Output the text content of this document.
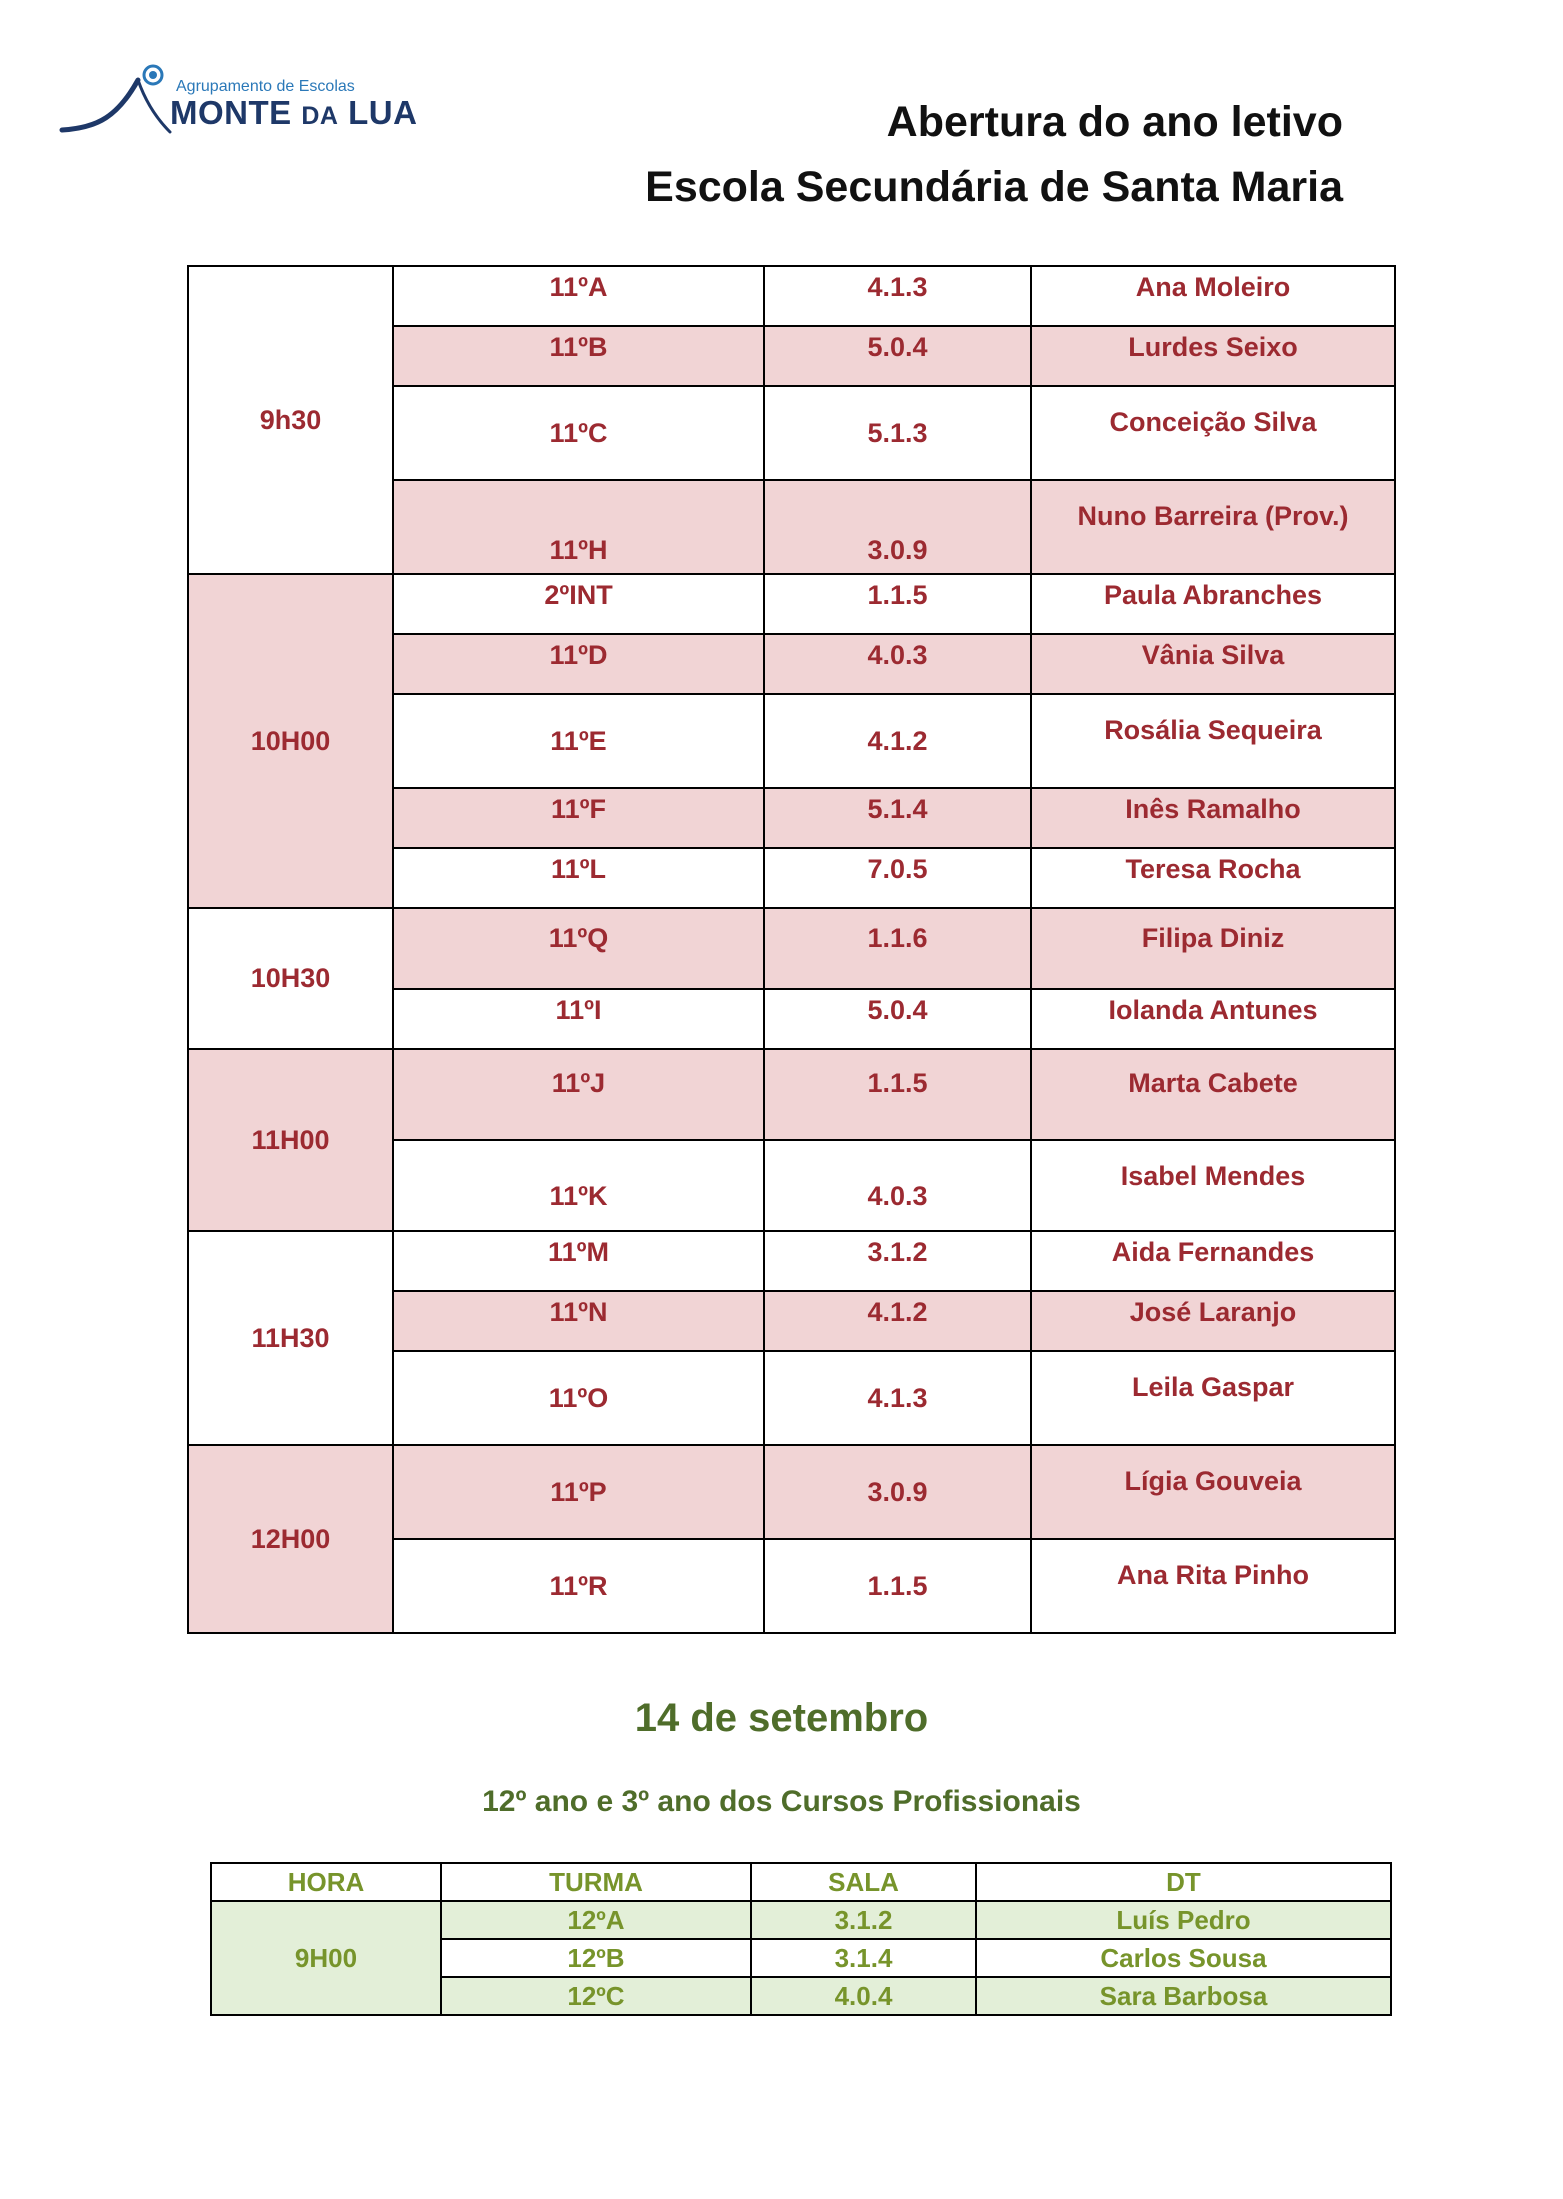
Agrupamento de Escolas
MONTE DA LUA	Abertura do ano letivo
Escola Secundária de Santa Maria
9h30	11ºA	4.1.3	Ana Moleiro
	11ºB	5.0.4	Lurdes Seixo
	11ºC	5.1.3	Conceição Silva
	11ºH	3.0.9	Nuno Barreira (Prov.)
10H00	2ºINT	1.1.5	Paula Abranches
	11ºD	4.0.3	Vânia Silva
	11ºE	4.1.2	Rosália Sequeira
	11ºF	5.1.4	Inês Ramalho
	11ºL	7.0.5	Teresa Rocha
10H30	11ºQ	1.1.6	Filipa Diniz
	11ºI	5.0.4	Iolanda Antunes
11H00	11ºJ	1.1.5	Marta Cabete
	11ºK	4.0.3	Isabel Mendes
11H30	11ºM	3.1.2	Aida Fernandes
	11ºN	4.1.2	José Laranjo
	11ºO	4.1.3	Leila Gaspar
12H00	11ºP	3.0.9	Lígia Gouveia
	11ºR	1.1.5	Ana Rita Pinho
14 de setembro
12º ano e 3º ano dos Cursos Profissionais
HORA	TURMA	SALA	DT
9H00	12ºA	3.1.2	Luís Pedro
	12ºB	3.1.4	Carlos Sousa
	12ºC	4.0.4	Sara Barbosa
